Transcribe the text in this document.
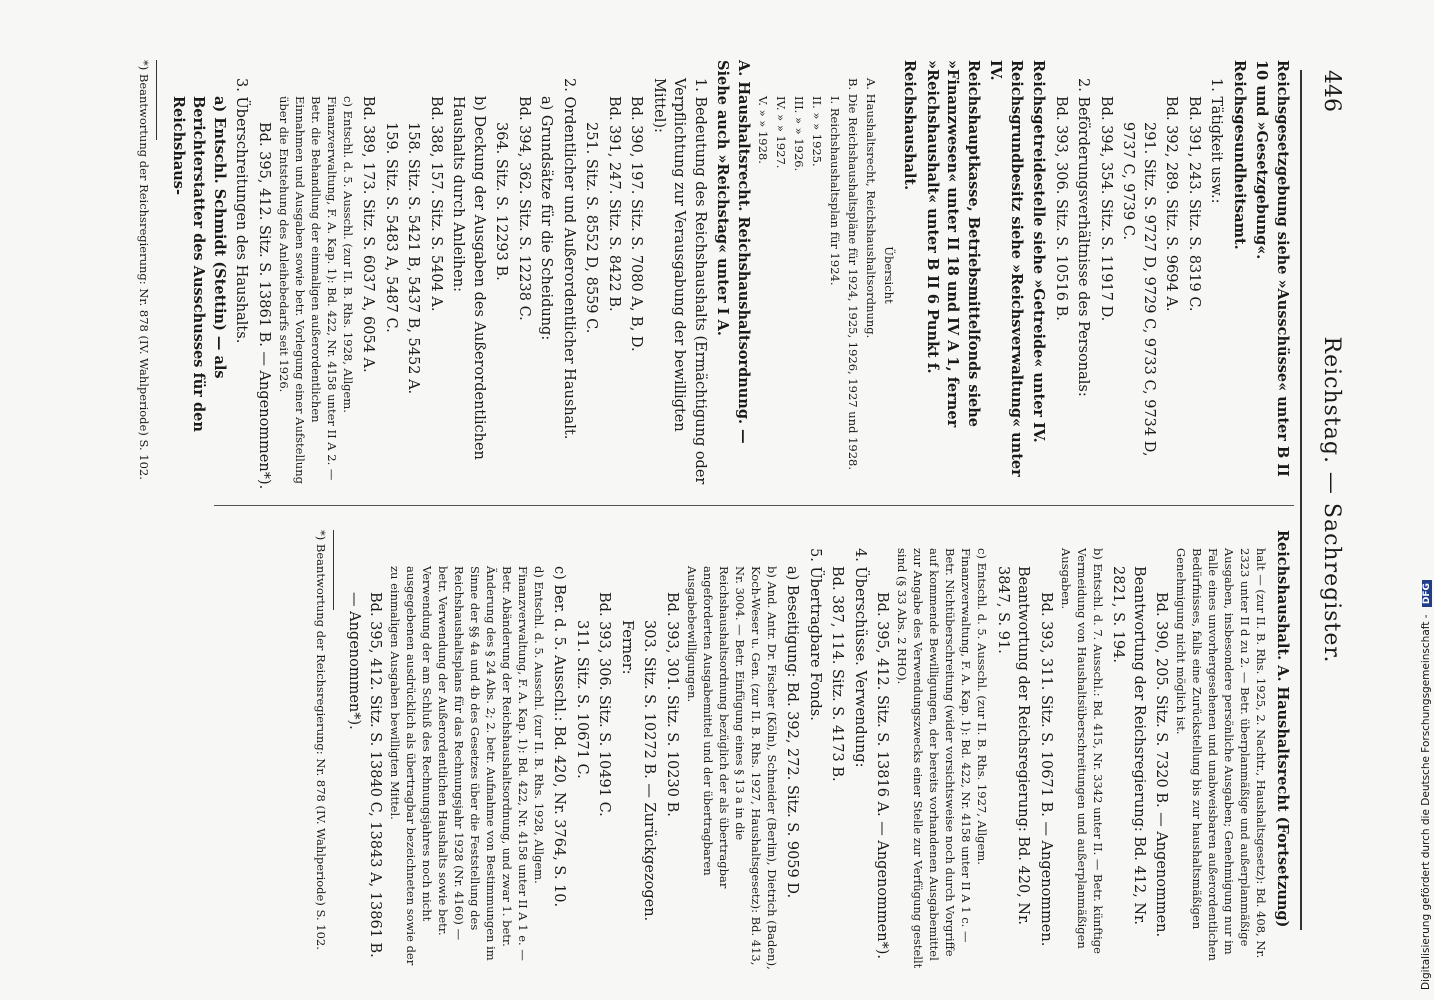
446
Reichstag. — Sachregister.
Reichsgesetzgebung siehe »Ausschüsse« unter B II 10 und »Gesetzgebung«.
Reichsgesundheitsamt.
1. Tätigkeit usw.:
Bd. 391, 243. Sitz. S. 8319 C.
Bd. 392, 289. Sitz. S. 9694 A.
291. Sitz. S. 9727 D, 9729 C, 9733 C, 9734 D, 9737 C, 9739 C.
Bd. 394, 354. Sitz. S. 11917 D.
2. Beförderungsverhältnisse des Personals:
Bd. 393, 306. Sitz. S. 10516 B.
Reichsgetreidestelle siehe »Getreide« unter IV.
Reichsgrundbesitz siehe »Reichsverwaltung« unter IV.
Reichshauptkasse, Betriebsmittelfonds siehe »Finanzwesen« unter II 18 und IV A 1, ferner »Reichshaushalt« unter B II 6 Punkt f.
Reichshaushalt.
Übersicht
A. Haushaltsrecht, Reichshaushaltsordnung.
B. Die Reichshaushaltspläne für 1924, 1925, 1926, 1927 und 1928.
I. Reichshaushaltsplan für 1924.
II. » » 1925.
III. » » 1926.
IV. » » 1927.
V. » » 1928.
A. Haushaltsrecht. Reichshaushaltsordnung. — Siehe auch »Reichstag« unter I A.
1. Bedeutung des Reichshaushalts (Ermächtigung oder Verpflichtung zur Verausgabung der bewilligten Mittel):
Bd. 390, 197. Sitz. S. 7080 A, B, D.
Bd. 391, 247. Sitz. S. 8422 B.
251. Sitz. S. 8552 D, 8559 C.
2. Ordentlicher und Außerordentlicher Haushalt.
a) Grundsätze für die Scheidung:
Bd. 394, 362. Sitz. S. 12238 C.
364. Sitz. S. 12293 B.
b) Deckung der Ausgaben des Außerordentlichen Haushalts durch Anleihen:
Bd. 388, 157. Sitz. S. 5404 A.
158. Sitz. S. 5421 B, 5437 B, 5452 A.
159. Sitz. S. 5483 A, 5487 C.
Bd. 389, 173. Sitz. S. 6037 A, 6054 A.
c) Entschl. d. 5. Ausschl. (zur II. B. Rhs. 1928, Allgem. Finanzverwaltung, F. A. Kap. 1): Bd. 422, Nr. 4158 unter II A 2. — Betr. die Behandlung der einmaligen außerordentlichen Einnahmen und Ausgaben sowie betr. Vorlegung einer Aufstellung über die Entstehung des Anleihebedarfs seit 1926.
Bd. 395, 412. Sitz. S. 13861 B. — Angenommen*).
3. Überschreitungen des Haushalts.
a) Entschl. Schmidt (Stettin) — als Berichterstatter des Ausschusses für den Reichshaus-
*) Beantwortung der Reichsregierung: Nr. 878 (IV. Wahlperiode) S. 102.
Reichshaushalt. A. Haushaltsrecht (Fortsetzung)
halt — (zur II. B. Rhs. 1925, 2. Nachtr., Haushaltsgesetz): Bd. 408, Nr. 2323 unter II d zu 2. — Betr. überplanmäßige und außerplanmäßige Ausgaben, insbesondere persönliche Ausgaben; Genehmigung nur im Falle eines unvorhergesehenen und unabweisbaren außerordentlichen Bedürfnisses, falls eine Zurückstellung bis zur haushaltsmäßigen Genehmigung nicht möglich ist.
Bd. 390, 205. Sitz. S. 7320 B. — Angenommen.
Beantwortung der Reichsregierung: Bd. 412, Nr. 2821, S. 194.
b) Entschl. d. 7. Ausschl.: Bd. 415, Nr. 3342 unter II. — Betr. künftige Vermeidung von Haushaltsüberschreitungen und außerplanmäßigen Ausgaben.
Bd. 393, 311. Sitz. S. 10671 B. — Angenommen.
Beantwortung der Reichsregierung: Bd. 420, Nr. 3847, S. 91.
c) Entschl. d. 5. Ausschl. (zur II. B. Rhs. 1927, Allgem. Finanzverwaltung, F. A. Kap. 1): Bd. 422, Nr. 4158 unter II A 1 c. — Betr. Nichtüberschreitung (wider vorsichtsweise noch durch Vorgriffe auf kommende Bewilligungen, der bereits vorhandenen Ausgabemittel zur Angabe des Verwendungszwecks einer Stelle zur Verfügung gestellt sind (§ 33 Abs. 2 RHO).
Bd. 395, 412. Sitz. S. 13816 A. — Angenommen*).
4. Überschüsse. Verwendung:
Bd. 387, 114. Sitz. S. 4173 B.
5. Übertragbare Fonds.
a) Beseitigung: Bd. 392, 272. Sitz. S. 9059 D.
b) And. Antr. Dr. Fischer (Köln), Schneider (Berlin), Dietrich (Baden), Koch-Weser u. Gen. (zur II. B. Rhs. 1927, Haushaltsgesetz): Bd. 413, Nr. 3004. — Betr. Einfügung eines § 13 a in die Reichshaushaltsordnung bezüglich der als übertragbar angeforderten Ausgabemittel und der übertragbaren Ausgabebewilligungen.
Bd. 393, 301. Sitz. S. 10230 B.
303. Sitz. S. 10272 B. — Zurückgezogen.
Ferner:
Bd. 393, 306. Sitz. S. 10491 C.
311. Sitz. S. 10671 C.
c) Ber. d. 5. Ausschl.: Bd. 420, Nr. 3764, S. 10.
d) Entschl. d. 5. Ausschl. (zur II. B. Rhs. 1928, Allgem. Finanzverwaltung, F. A. Kap. 1): Bd. 422, Nr. 4158 unter II A 1 e. — Betr. Abänderung der Reichshaushaltsordnung, und zwar 1. betr. Änderung des § 24 Abs. 2; 2. betr. Aufnahme von Bestimmungen im Sinne der §§ 4a und 4b des Gesetzes über die Feststellung des Reichshaushaltsplans für das Rechnungsjahr 1928 (Nr. 4160) — betr. Verwendung der Außerordentlichen Haushalts sowie betr. Verwendung der am Schluß des Rechnungsjahres noch nicht ausgegebenen ausdrücklich als übertragbar bezeichneten sowie der zu einmaligen Ausgaben bewilligten Mittel.
Bd. 395, 412. Sitz. S. 13840 C, 13843 A, 13861 B. — Angenommen*).
*) Beantwortung der Reichsregierung: Nr. 878 (IV. Wahlperiode) S. 102.	Digitalisierung gefördert durch die Deutsche Forschungsgemeinschaft - DFG
